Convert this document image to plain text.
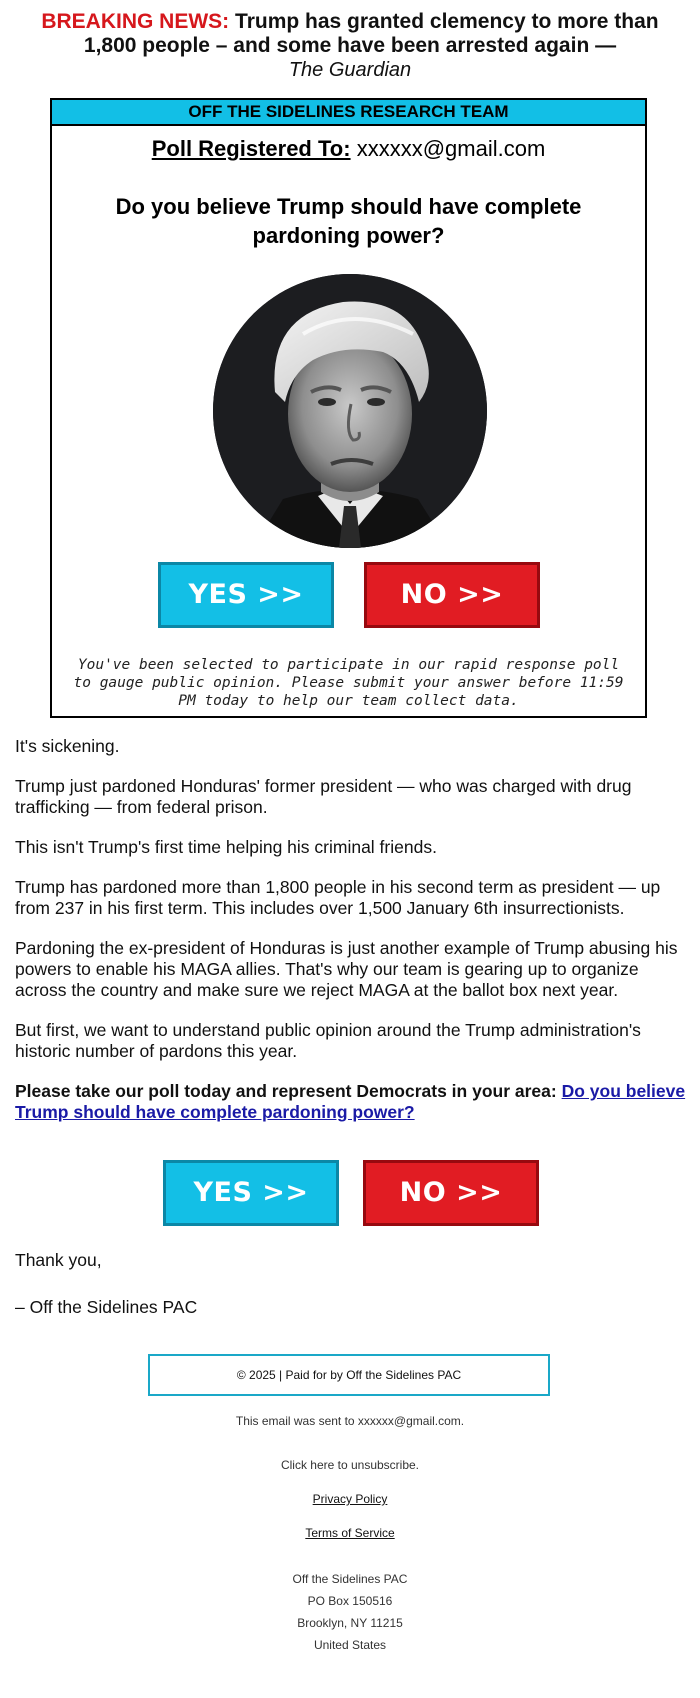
BREAKING NEWS: Trump has granted clemency to more than 1,800 people – and some have been arrested again —
The Guardian
OFF THE SIDELINES RESEARCH TEAM
Poll Registered To: xxxxxx@gmail.com
Do you believe Trump should have complete pardoning power?
YES >>	NO >>
You've been selected to participate in our rapid response poll to gauge public opinion. Please submit your answer before 11:59 PM today to help our team collect data.

It's sickening.

Trump just pardoned Honduras' former president — who was charged with drug trafficking — from federal prison.

This isn't Trump's first time helping his criminal friends.

Trump has pardoned more than 1,800 people in his second term as president — up from 237 in his first term. This includes over 1,500 January 6th insurrectionists.

Pardoning the ex-president of Honduras is just another example of Trump abusing his powers to enable his MAGA allies. That's why our team is gearing up to organize across the country and make sure we reject MAGA at the ballot box next year.

But first, we want to understand public opinion around the Trump administration's historic number of pardons this year.

Please take our poll today and represent Democrats in your area: Do you believe Trump should have complete pardoning power?

YES >>	NO >>

Thank you,

– Off the Sidelines PAC

© 2025 | Paid for by Off the Sidelines PAC
This email was sent to xxxxxx@gmail.com.
Click here to unsubscribe.
Privacy Policy
Terms of Service
Off the Sidelines PAC
PO Box 150516
Brooklyn, NY 11215
United States
